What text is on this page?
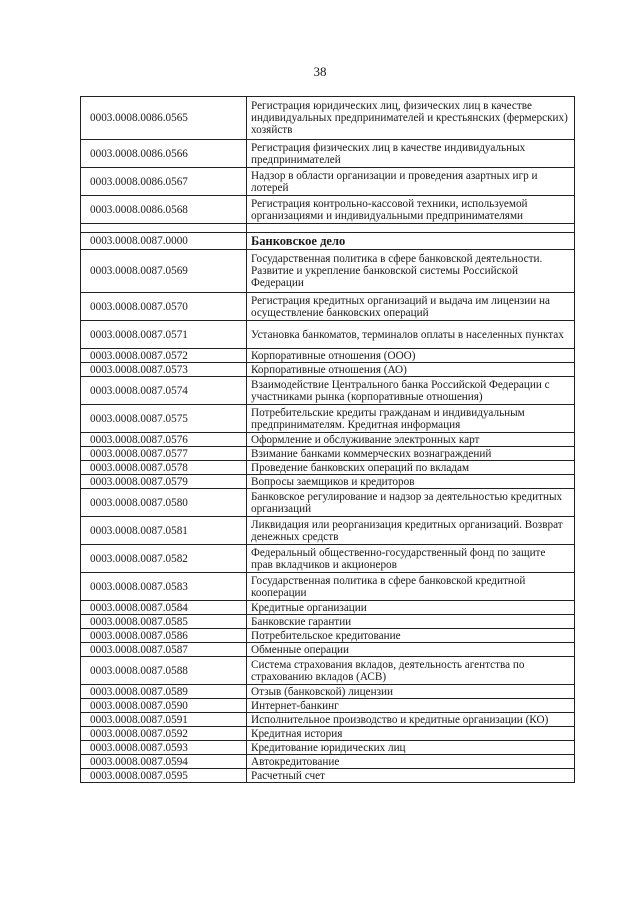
38
0003.0008.0086.0565	Регистрация юридических лиц, физических лиц в качестве индивидуальных предпринимателей и крестьянских (фермерских) хозяйств
0003.0008.0086.0566	Регистрация физических лиц в качестве индивидуальных предпринимателей
0003.0008.0086.0567	Надзор в области организации и проведения азартных игр и лотерей
0003.0008.0086.0568	Регистрация контрольно-кассовой техники, используемой организациями и индивидуальными предпринимателями

0003.0008.0087.0000	Банковское дело
0003.0008.0087.0569	Государственная политика в сфере банковской деятельности. Развитие и укрепление банковской системы Российской Федерации
0003.0008.0087.0570	Регистрация кредитных организаций и выдача им лицензии на осуществление банковских операций
0003.0008.0087.0571	Установка банкоматов, терминалов оплаты в населенных пунктах
0003.0008.0087.0572	Корпоративные отношения (ООО)
0003.0008.0087.0573	Корпоративные отношения (АО)
0003.0008.0087.0574	Взаимодействие Центрального банка Российской Федерации с участниками рынка (корпоративные отношения)
0003.0008.0087.0575	Потребительские кредиты гражданам и индивидуальным предпринимателям. Кредитная информация
0003.0008.0087.0576	Оформление и обслуживание электронных карт
0003.0008.0087.0577	Взимание банками коммерческих вознаграждений
0003.0008.0087.0578	Проведение банковских операций по вкладам
0003.0008.0087.0579	Вопросы заемщиков и кредиторов
0003.0008.0087.0580	Банковское регулирование и надзор за деятельностью кредитных организаций
0003.0008.0087.0581	Ликвидация или реорганизация кредитных организаций. Возврат денежных средств
0003.0008.0087.0582	Федеральный общественно-государственный фонд по защите прав вкладчиков и акционеров
0003.0008.0087.0583	Государственная политика в сфере банковской кредитной кооперации
0003.0008.0087.0584	Кредитные организации
0003.0008.0087.0585	Банковские гарантии
0003.0008.0087.0586	Потребительское кредитование
0003.0008.0087.0587	Обменные операции
0003.0008.0087.0588	Система страхования вкладов, деятельность агентства по страхованию вкладов (АСВ)
0003.0008.0087.0589	Отзыв (банковской) лицензии
0003.0008.0087.0590	Интернет-банкинг
0003.0008.0087.0591	Исполнительное производство и кредитные организации (КО)
0003.0008.0087.0592	Кредитная история
0003.0008.0087.0593	Кредитование юридических лиц
0003.0008.0087.0594	Автокредитование
0003.0008.0087.0595	Расчетный счет
